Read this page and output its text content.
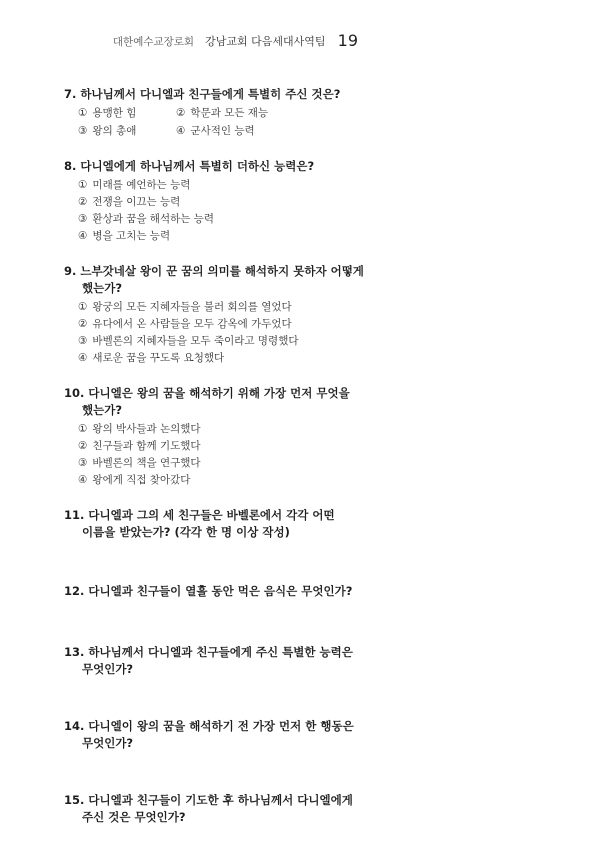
대한예수교장로회 강남교회 다음세대사역팀 19
7. 하나님께서 다니엘과 친구들에게 특별히 주신 것은?
① 용맹한 힘	② 학문과 모든 재능
③ 왕의 총애	④ 군사적인 능력
8. 다니엘에게 하나님께서 특별히 더하신 능력은?
① 미래를 예언하는 능력
② 전쟁을 이끄는 능력
③ 환상과 꿈을 해석하는 능력
④ 병을 고치는 능력
9. 느부갓네살 왕이 꾼 꿈의 의미를 해석하지 못하자 어떻게 했는가?
① 왕궁의 모든 지혜자들을 불러 회의를 열었다
② 유다에서 온 사람들을 모두 감옥에 가두었다
③ 바벨론의 지혜자들을 모두 죽이라고 명령했다
④ 새로운 꿈을 꾸도록 요청했다
10. 다니엘은 왕의 꿈을 해석하기 위해 가장 먼저 무엇을 했는가?
① 왕의 박사들과 논의했다
② 친구들과 함께 기도했다
③ 바벨론의 책을 연구했다
④ 왕에게 직접 찾아갔다
11. 다니엘과 그의 세 친구들은 바벨론에서 각각 어떤 이름을 받았는가? (각각 한 명 이상 작성)
12. 다니엘과 친구들이 열흘 동안 먹은 음식은 무엇인가?
13. 하나님께서 다니엘과 친구들에게 주신 특별한 능력은 무엇인가?
14. 다니엘이 왕의 꿈을 해석하기 전 가장 먼저 한 행동은 무엇인가?
15. 다니엘과 친구들이 기도한 후 하나님께서 다니엘에게 주신 것은 무엇인가?
